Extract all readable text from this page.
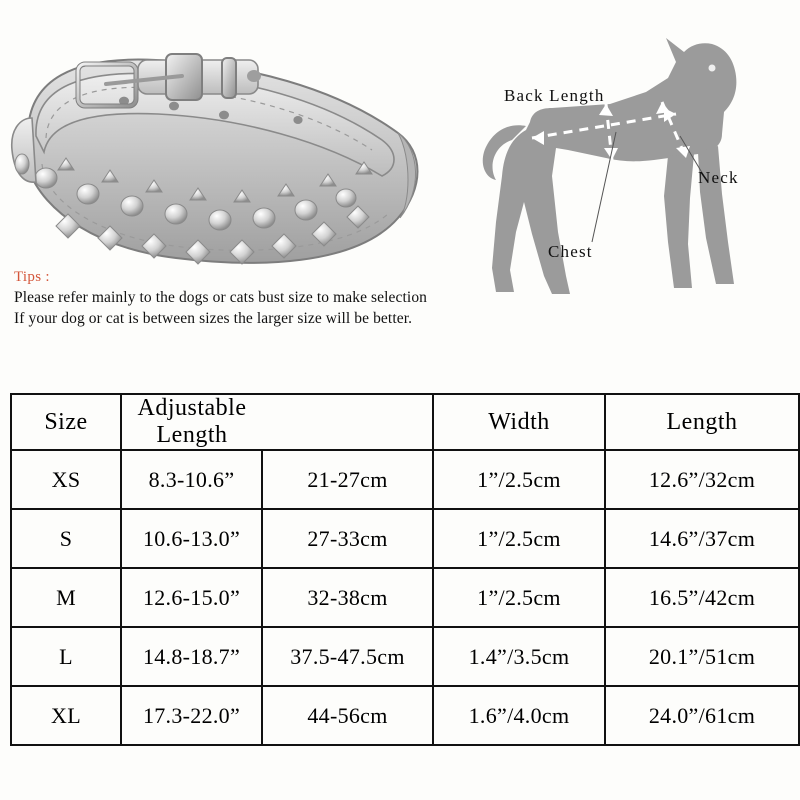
Tips :
Please refer mainly to the dogs or cats bust size to make selection If your dog or cat is between sizes the larger size will be better.
Back Length
Neck
Chest
Size	Adjustable Length		Width	Length
XS	8.3-10.6”	21-27cm	1”/2.5cm	12.6”/32cm
S	10.6-13.0”	27-33cm	1”/2.5cm	14.6”/37cm
M	12.6-15.0”	32-38cm	1”/2.5cm	16.5”/42cm
L	14.8-18.7”	37.5-47.5cm	1.4”/3.5cm	20.1”/51cm
XL	17.3-22.0”	44-56cm	1.6”/4.0cm	24.0”/61cm
